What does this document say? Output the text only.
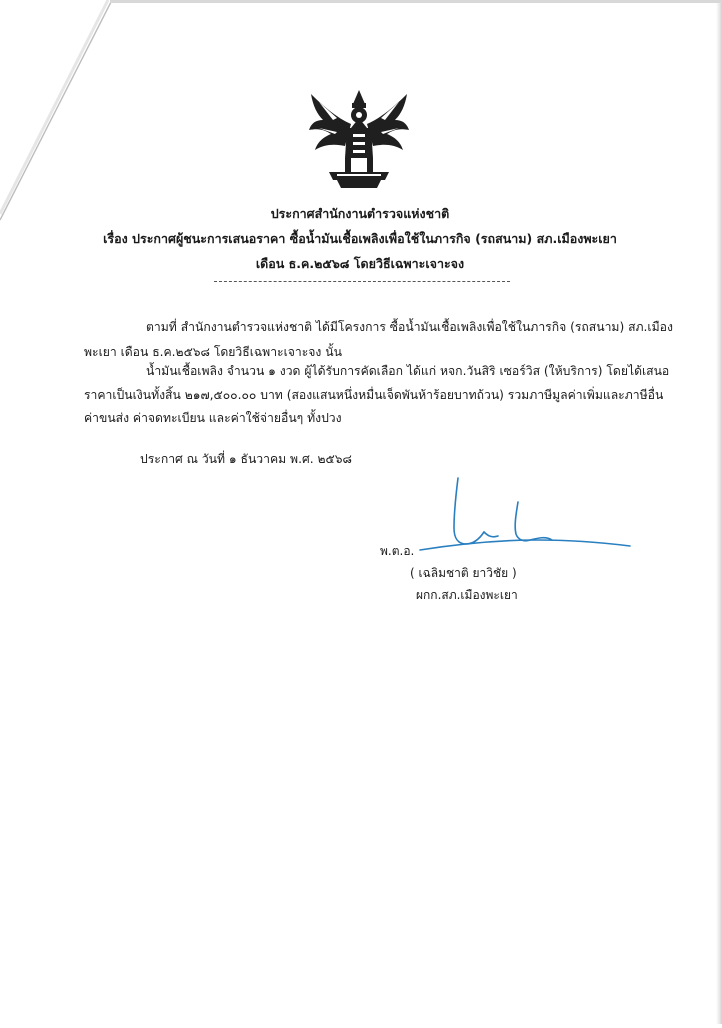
ประกาศสำนักงานตำรวจแห่งชาติ
เรื่อง ประกาศผู้ชนะการเสนอราคา ซื้อน้ำมันเชื้อเพลิงเพื่อใช้ในภารกิจ (รถสนาม) สภ.เมืองพะเยา
เดือน ธ.ค.๒๕๖๘ โดยวิธีเฉพาะเจาะจง
ตามที่ สำนักงานตำรวจแห่งชาติ ได้มีโครงการ ซื้อน้ำมันเชื้อเพลิงเพื่อใช้ในภารกิจ (รถสนาม) สภ.เมือง
พะเยา เดือน ธ.ค.๒๕๖๘ โดยวิธีเฉพาะเจาะจง นั้น
น้ำมันเชื้อเพลิง จำนวน ๑ งวด ผู้ได้รับการคัดเลือก ได้แก่ หจก.วันสิริ เซอร์วิส (ให้บริการ) โดยได้เสนอ
ราคาเป็นเงินทั้งสิ้น ๒๑๗,๕๐๐.๐๐ บาท (สองแสนหนึ่งหมื่นเจ็ดพันห้าร้อยบาทถ้วน) รวมภาษีมูลค่าเพิ่มและภาษีอื่น
ค่าขนส่ง ค่าจดทะเบียน และค่าใช้จ่ายอื่นๆ ทั้งปวง
ประกาศ ณ วันที่ ๑ ธันวาคม พ.ศ. ๒๕๖๘
พ.ต.อ.
( เฉลิมชาติ ยาวิชัย )
ผกก.สภ.เมืองพะเยา
